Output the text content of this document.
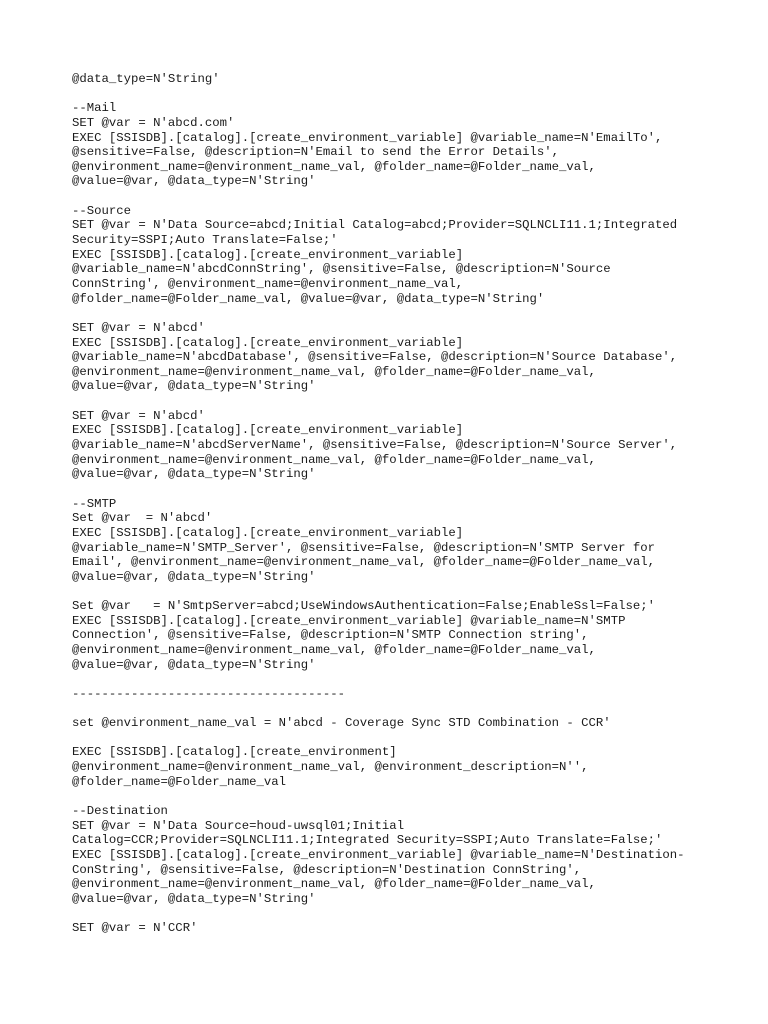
@data_type=N'String'
--Mail
SET @var = N'abcd.com'
EXEC [SSISDB].[catalog].[create_environment_variable] @variable_name=N'EmailTo',
@sensitive=False, @description=N'Email to send the Error Details',
@environment_name=@environment_name_val, @folder_name=@Folder_name_val,
@value=@var, @data_type=N'String'
--Source
SET @var = N'Data Source=abcd;Initial Catalog=abcd;Provider=SQLNCLI11.1;Integrated
Security=SSPI;Auto Translate=False;'
EXEC [SSISDB].[catalog].[create_environment_variable]
@variable_name=N'abcdConnString', @sensitive=False, @description=N'Source
ConnString', @environment_name=@environment_name_val,
@folder_name=@Folder_name_val, @value=@var, @data_type=N'String'
SET @var = N'abcd'
EXEC [SSISDB].[catalog].[create_environment_variable]
@variable_name=N'abcdDatabase', @sensitive=False, @description=N'Source Database',
@environment_name=@environment_name_val, @folder_name=@Folder_name_val,
@value=@var, @data_type=N'String'
SET @var = N'abcd'
EXEC [SSISDB].[catalog].[create_environment_variable]
@variable_name=N'abcdServerName', @sensitive=False, @description=N'Source Server',
@environment_name=@environment_name_val, @folder_name=@Folder_name_val,
@value=@var, @data_type=N'String'
--SMTP
Set @var  = N'abcd'
EXEC [SSISDB].[catalog].[create_environment_variable]
@variable_name=N'SMTP_Server', @sensitive=False, @description=N'SMTP Server for
Email', @environment_name=@environment_name_val, @folder_name=@Folder_name_val,
@value=@var, @data_type=N'String'
Set @var   = N'SmtpServer=abcd;UseWindowsAuthentication=False;EnableSsl=False;'
EXEC [SSISDB].[catalog].[create_environment_variable] @variable_name=N'SMTP
Connection', @sensitive=False, @description=N'SMTP Connection string',
@environment_name=@environment_name_val, @folder_name=@Folder_name_val,
@value=@var, @data_type=N'String'
-------------------------------------
set @environment_name_val = N'abcd - Coverage Sync STD Combination - CCR'
EXEC [SSISDB].[catalog].[create_environment]
@environment_name=@environment_name_val, @environment_description=N'',
@folder_name=@Folder_name_val
--Destination
SET @var = N'Data Source=houd-uwsql01;Initial
Catalog=CCR;Provider=SQLNCLI11.1;Integrated Security=SSPI;Auto Translate=False;'
EXEC [SSISDB].[catalog].[create_environment_variable] @variable_name=N'Destination-
ConString', @sensitive=False, @description=N'Destination ConnString',
@environment_name=@environment_name_val, @folder_name=@Folder_name_val,
@value=@var, @data_type=N'String'
SET @var = N'CCR'
